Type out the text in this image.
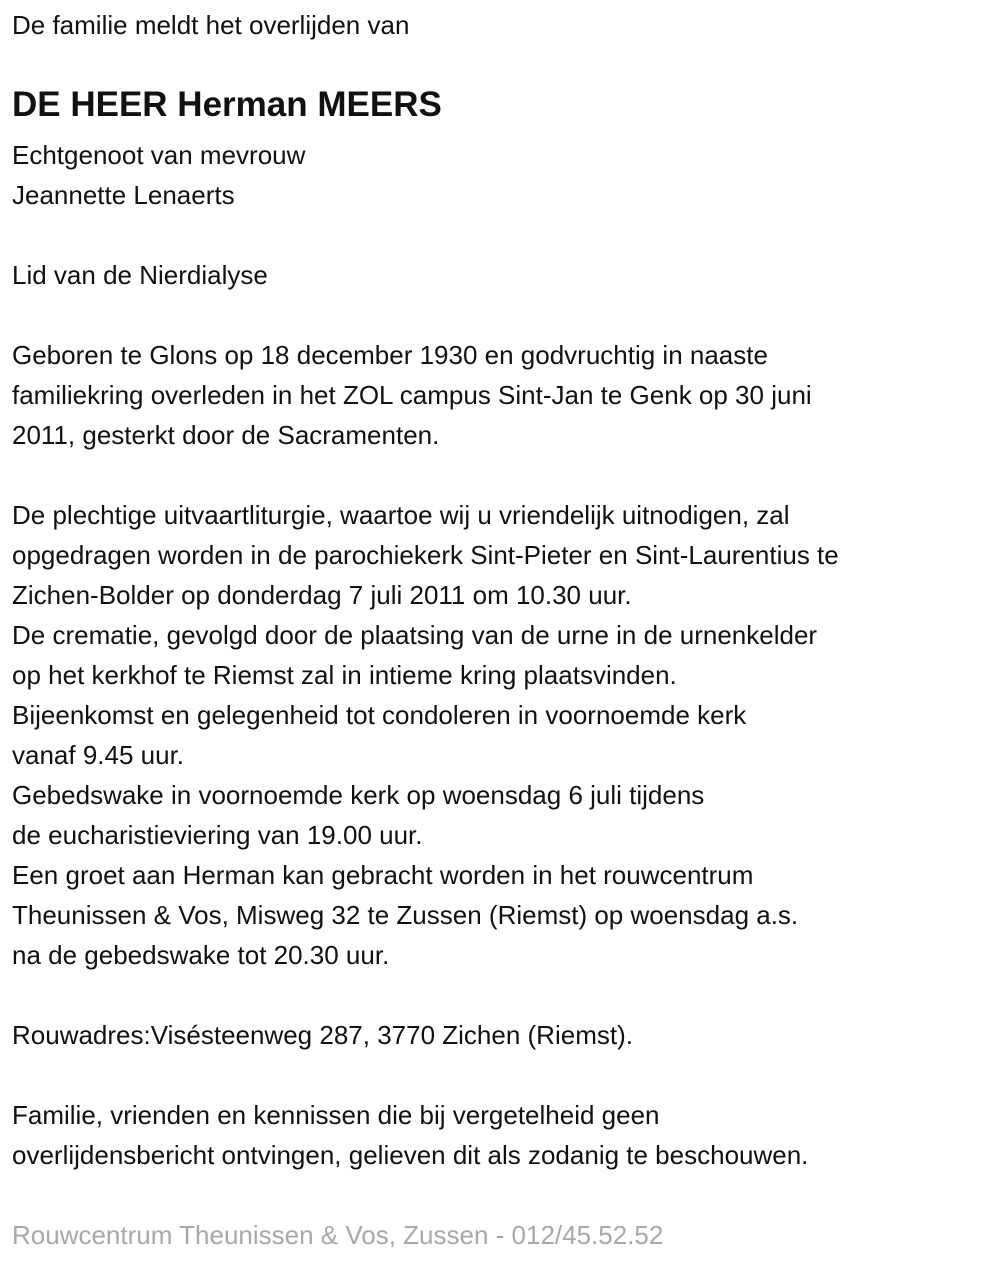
De familie meldt het overlijden van
DE HEER Herman MEERS
Echtgenoot van mevrouw
Jeannette Lenaerts
Lid van de Nierdialyse
Geboren te Glons op 18 december 1930 en godvruchtig in naaste
familiekring overleden in het ZOL campus Sint-Jan te Genk op 30 juni
2011, gesterkt door de Sacramenten.
De plechtige uitvaartliturgie, waartoe wij u vriendelijk uitnodigen, zal
opgedragen worden in de parochiekerk Sint-Pieter en Sint-Laurentius te
Zichen-Bolder op donderdag 7 juli 2011 om 10.30 uur.
De crematie, gevolgd door de plaatsing van de urne in de urnenkelder
op het kerkhof te Riemst zal in intieme kring plaatsvinden.
Bijeenkomst en gelegenheid tot condoleren in voornoemde kerk
vanaf 9.45 uur.
Gebedswake in voornoemde kerk op woensdag 6 juli tijdens
de eucharistieviering van 19.00 uur.
Een groet aan Herman kan gebracht worden in het rouwcentrum
Theunissen & Vos, Misweg 32 te Zussen (Riemst) op woensdag a.s.
na de gebedswake tot 20.30 uur.
Rouwadres:Visésteenweg 287, 3770 Zichen (Riemst).
Familie, vrienden en kennissen die bij vergetelheid geen
overlijdensbericht ontvingen, gelieven dit als zodanig te beschouwen.
Rouwcentrum Theunissen & Vos, Zussen - 012/45.52.52
